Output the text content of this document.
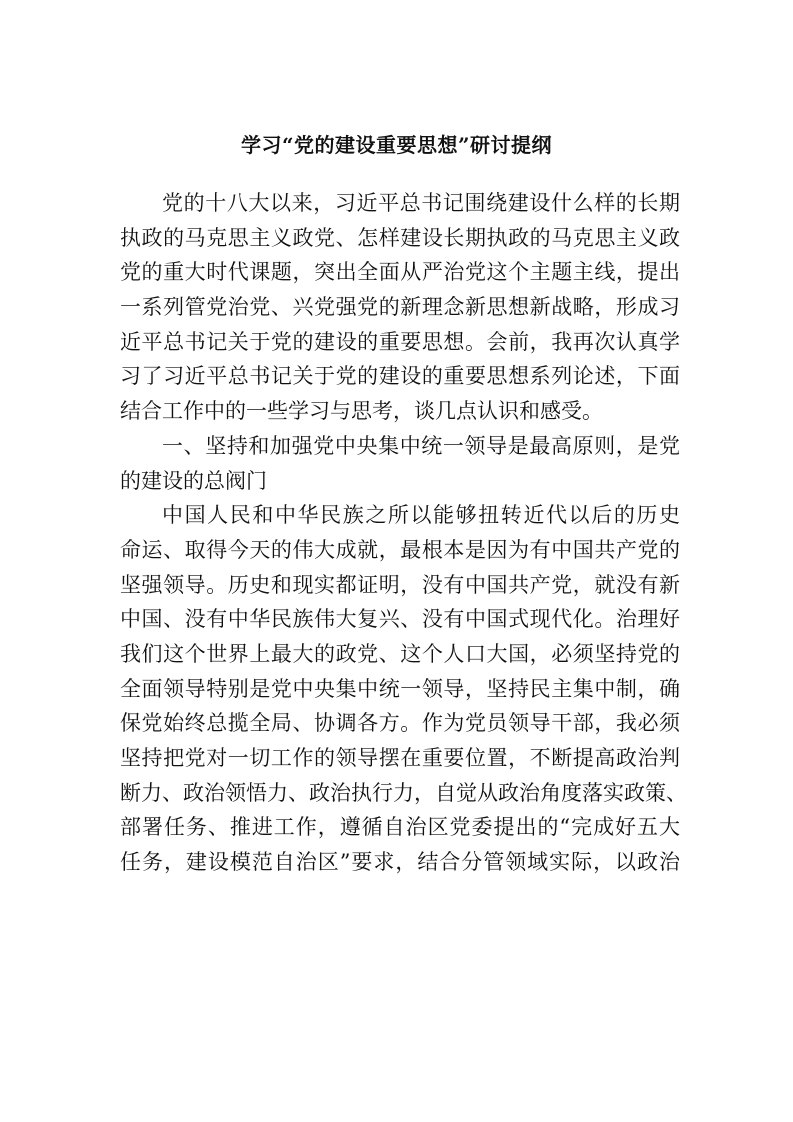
学习“党的建设重要思想”研讨提纲
党的十八大以来，习近平总书记围绕建设什么样的长期
执政的马克思主义政党、怎样建设长期执政的马克思主义政
党的重大时代课题，突出全面从严治党这个主题主线，提出
一系列管党治党、兴党强党的新理念新思想新战略，形成习
近平总书记关于党的建设的重要思想。会前，我再次认真学
习了习近平总书记关于党的建设的重要思想系列论述，下面
结合工作中的一些学习与思考，谈几点认识和感受。
一、坚持和加强党中央集中统一领导是最高原则，是党
的建设的总阀门
中国人民和中华民族之所以能够扭转近代以后的历史
命运、取得今天的伟大成就，最根本是因为有中国共产党的
坚强领导。历史和现实都证明，没有中国共产党，就没有新
中国、没有中华民族伟大复兴、没有中国式现代化。治理好
我们这个世界上最大的政党、这个人口大国，必须坚持党的
全面领导特别是党中央集中统一领导，坚持民主集中制，确
保党始终总揽全局、协调各方。作为党员领导干部，我必须
坚持把党对一切工作的领导摆在重要位置，不断提高政治判
断力、政治领悟力、政治执行力，自觉从政治角度落实政策、
部署任务、推进工作，遵循自治区党委提出的“完成好五大
任务，建设模范自治区”要求，结合分管领域实际，以政治
